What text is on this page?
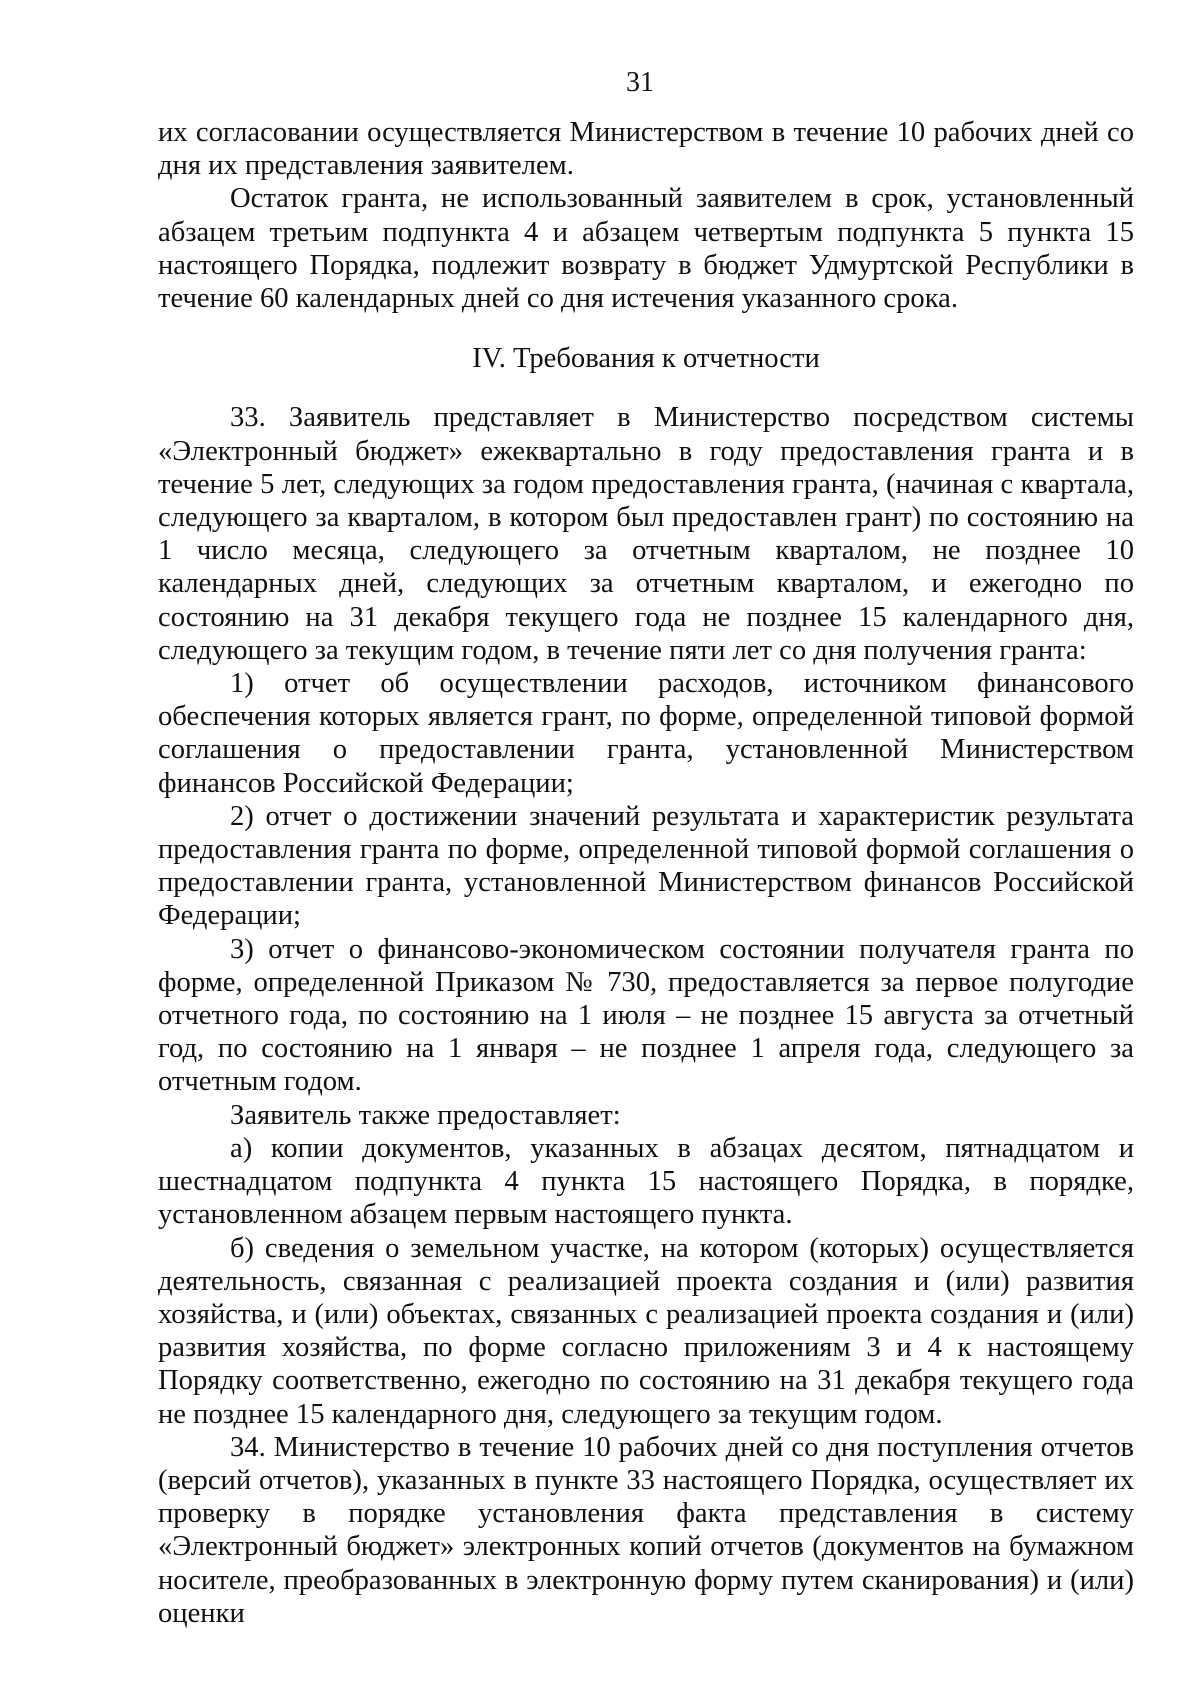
31

их согласовании осуществляется Министерством в течение 10 рабочих дней со дня их представления заявителем.

Остаток гранта, не использованный заявителем в срок, установленный абзацем третьим подпункта 4 и абзацем четвертым подпункта 5 пункта 15 настоящего Порядка, подлежит возврату в бюджет Удмуртской Республики в течение 60 календарных дней со дня истечения указанного срока.

IV. Требования к отчетности

33. Заявитель представляет в Министерство посредством системы «Электронный бюджет» ежеквартально в году предоставления гранта и в течение 5 лет, следующих за годом предоставления гранта, (начиная с квартала, следующего за кварталом, в котором был предоставлен грант) по состоянию на 1 число месяца, следующего за отчетным кварталом, не позднее 10 календарных дней, следующих за отчетным кварталом, и ежегодно по состоянию на 31 декабря текущего года не позднее 15 календарного дня, следующего за текущим годом, в течение пяти лет со дня получения гранта:

1) отчет об осуществлении расходов, источником финансового обеспечения которых является грант, по форме, определенной типовой формой соглашения о предоставлении гранта, установленной Министерством финансов Российской Федерации;

2) отчет о достижении значений результата и характеристик результата предоставления гранта по форме, определенной типовой формой соглашения о предоставлении гранта, установленной Министерством финансов Российской Федерации;

3) отчет о финансово-экономическом состоянии получателя гранта по форме, определенной Приказом № 730, предоставляется за первое полугодие отчетного года, по состоянию на 1 июля – не позднее 15 августа за отчетный год, по состоянию на 1 января – не позднее 1 апреля года, следующего за отчетным годом.

Заявитель также предоставляет:

а) копии документов, указанных в абзацах десятом, пятнадцатом и шестнадцатом подпункта 4 пункта 15 настоящего Порядка, в порядке, установленном абзацем первым настоящего пункта.

б) сведения о земельном участке, на котором (которых) осуществляется деятельность, связанная с реализацией проекта создания и (или) развития хозяйства, и (или) объектах, связанных с реализацией проекта создания и (или) развития хозяйства, по форме согласно приложениям 3 и 4 к настоящему Порядку соответственно, ежегодно по состоянию на 31 декабря текущего года не позднее 15 календарного дня, следующего за текущим годом.

34. Министерство в течение 10 рабочих дней со дня поступления отчетов (версий отчетов), указанных в пункте 33 настоящего Порядка, осуществляет их проверку в порядке установления факта представления в систему «Электронный бюджет» электронных копий отчетов (документов на бумажном носителе, преобразованных в электронную форму путем сканирования) и (или) оценки
